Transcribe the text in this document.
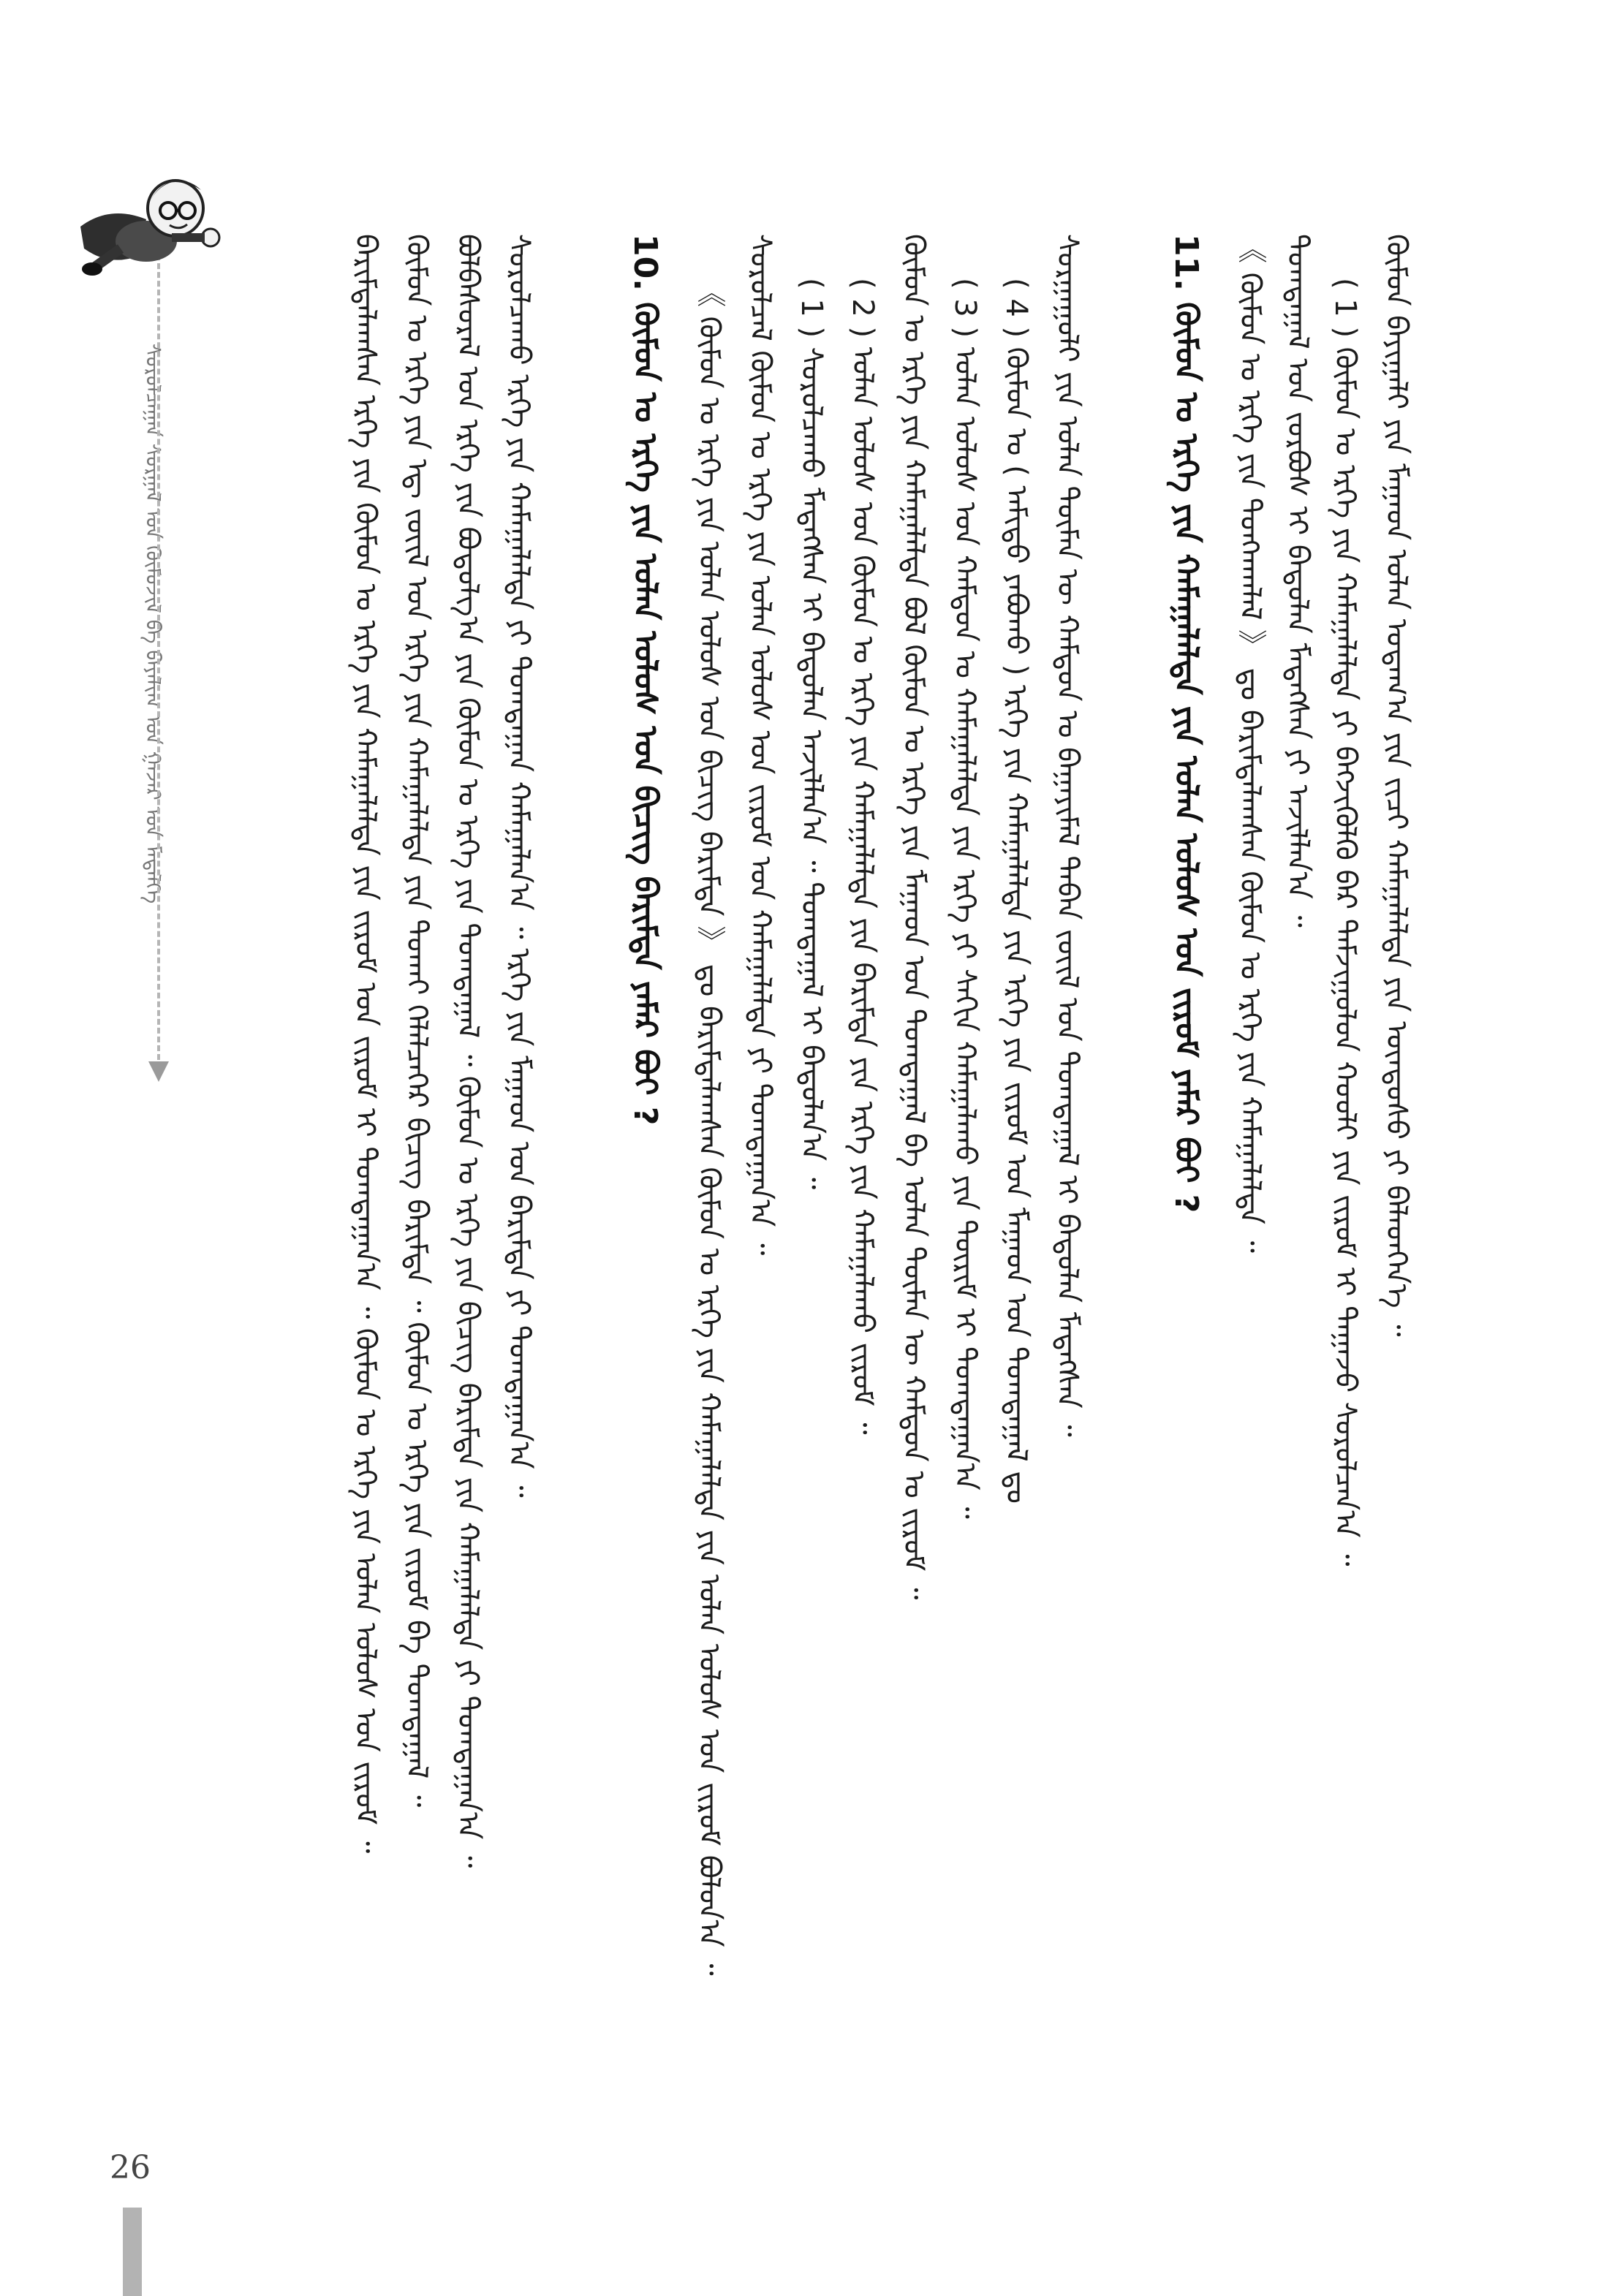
ᠬᠦᠮᠦᠨ ᠪᠠᠶᠢᠭᠠᠯᠢ ᠶᠢᠨ ᠮᠠᠭᠠᠳ ᠤᠯᠠᠨ ᠤᠳᠠᠭ᠎ᠠ ᠶᠢᠨ ᠵᠢᠴᠢ ᠬᠠᠮᠠᠭᠠᠯᠠᠯᠲᠠ ᠶᠢᠨ ᠦᠨᠳᠦᠰᠦ ᠶᠢ ᠪᠡᠯᠡᠳᠬᠡᠨ᠎ᠡ ᠃
( 1 ) ᠬᠦᠮᠦᠨ ᠤ ᠡᠷᠬᠡ ᠶᠢᠨ ᠬᠠᠮᠠᠭᠠᠯᠠᠯᠲᠠ ᠶᠢ ᠪᠡᠬᠵᠢᠭᠦᠯᠬᠦ ᠪᠡᠷ ᠳᠠᠮᠵᠢᠭᠤᠯᠤᠨ ᠬᠤᠤᠯᠢ ᠶᠢᠨ ᠵᠢᠷᠤᠮ ᠢ ᠳᠠᠭᠠᠵᠤ ᠰᠤᠷᠤᠯᠴᠠᠨ᠎ᠠ ᠃
ᠲᠣᠭᠲᠠᠭᠠᠯ ᠤᠨ ᠵᠤᠷᠪᠤᠰ ᠢ ᠪᠠᠲᠤᠯᠠᠨ ᠮᠡᠳᠡᠭᠰᠡᠨ ᠶᠢ ᠠᠵᠢᠯᠯᠠᠨ᠎ᠠ ᠃
《 ᠬᠦᠮᠦᠨ ᠤ ᠡᠷᠬᠡ ᠶᠢᠨ ᠲᠤᠩᠬᠠᠭᠯᠠᠯ 》 ᠳᠤ ᠪᠠᠷᠢᠮᠲᠠᠯᠠᠭᠰᠠᠨ ᠬᠦᠮᠦᠨ ᠤ ᠡᠷᠬᠡ ᠶᠢᠨ ᠬᠠᠮᠠᠭᠠᠯᠠᠯᠲᠠ ᠃
11. ᠬᠦᠮᠦᠨ ᠤ ᠡᠷᠬᠡ ᠶᠢᠨ ᠬᠠᠮᠠᠭᠠᠯᠠᠯᠲᠠ ᠶᠢᠨ ᠣᠯᠠᠨ ᠤᠯᠤᠰ ᠤᠨ ᠵᠢᠷᠤᠮ ᠶᠠᠮᠠᠷ ᠪᠤᠢ ?
ᠰᠤᠷᠭᠠᠭᠤᠯᠢ ᠶᠢᠨ ᠤᠯᠠᠨ ᠲᠦᠮᠡᠨ ᠦ ᠬᠠᠮᠲᠤᠨ ᠤ ᠪᠠᠭᠠᠶᠢᠮᠠᠯ ᠲᠠᠪᠠᠨ ᠵᠦᠢᠯ ᠤᠨ ᠲᠣᠭᠲᠠᠭᠠᠯ ᠢ ᠪᠠᠲᠤᠯᠠᠨ ᠮᠡᠳᠡᠭᠰᠡᠨ ᠃
( 4 ) ᠬᠦᠮᠦᠨ ᠤ ( ᠠᠮᠢᠳᠤ ᠶᠠᠪᠤᠬᠤ ) ᠡᠷᠬᠡ ᠶᠢᠨ ᠬᠠᠮᠠᠭᠠᠯᠠᠯᠲᠠ ᠶᠢᠨ ᠡᠷᠬᠡ ᠶᠢᠨ ᠵᠢᠷᠤᠮ ᠤᠨ ᠮᠠᠭᠠᠳ ᠤᠨ ᠲᠣᠭᠲᠠᠭᠠᠯ ᠳᠤ
( 3 ) ᠤᠯᠠᠨ ᠤᠯᠤᠰ ᠤᠨ ᠬᠠᠮᠲᠤᠨ ᠤ ᠬᠠᠮᠠᠭᠠᠯᠠᠯᠲᠠ ᠶᠢᠨ ᠡᠷᠬᠡ ᠶᠢ ᠰᠠᠬᠢᠨ ᠬᠠᠮᠠᠭᠠᠯᠠᠬᠤ ᠶᠢᠨ ᠳᠦᠷᠢᠮ ᠢ ᠲᠣᠭᠲᠠᠭᠠᠨ᠎ᠠ ᠃
ᠬᠦᠮᠦᠨ ᠤ ᠡᠷᠬᠡ ᠶᠢᠨ ᠬᠠᠮᠠᠭᠠᠯᠠᠯᠲᠠ ᠪᠣᠯ ᠬᠦᠮᠦᠨ ᠤ ᠡᠷᠬᠡ ᠶᠢᠨ ᠮᠠᠭᠠᠳ ᠤᠨ ᠲᠣᠭᠲᠠᠭᠠᠯ ᠪᠠ ᠤᠯᠠᠨ ᠲᠦᠮᠡᠨ ᠦ ᠬᠠᠮᠲᠤᠨ ᠤ ᠵᠢᠷᠤᠮ ᠃
( 2 ) ᠤᠯᠠᠨ ᠤᠯᠤᠰ ᠤᠨ ᠬᠦᠮᠦᠨ ᠤ ᠡᠷᠬᠡ ᠶᠢᠨ ᠬᠠᠮᠠᠭᠠᠯᠠᠯᠲᠠ ᠶᠢᠨ ᠪᠠᠷᠢᠮᠲᠠ ᠶᠢᠨ ᠡᠷᠬᠡ ᠶᠢᠨ ᠬᠠᠮᠠᠭᠠᠯᠠᠬᠤ ᠵᠢᠷᠤᠮ ᠃
( 1 ) ᠰᠤᠷᠤᠯᠴᠠᠬᠤ ᠮᠡᠳᠡᠭᠰᠡᠨ ᠢ ᠪᠠᠲᠤᠯᠠᠨ ᠠᠵᠢᠯᠯᠠᠨ᠎ᠠ ᠃ ᠲᠣᠭᠲᠠᠭᠠᠯ ᠢ ᠪᠠᠲᠤᠯᠠᠨ᠎ᠠ ᠃
ᠰᠤᠷᠤᠯᠴᠠᠯ ᠬᠦᠮᠦᠨ ᠤ ᠡᠷᠬᠡ ᠶᠢᠨ ᠤᠯᠠᠨ ᠤᠯᠤᠰ ᠤᠨ ᠵᠢᠷᠤᠮ ᠤᠨ ᠬᠠᠮᠠᠭᠠᠯᠠᠯᠲᠠ ᠶᠢ ᠲᠣᠭᠲᠠᠭᠠᠨ᠎ᠠ ᠃
《 ᠬᠦᠮᠦᠨ ᠤ ᠡᠷᠬᠡ ᠶᠢᠨ ᠤᠯᠠᠨ ᠤᠯᠤᠰ ᠤᠨ ᠪᠢᠴᠢᠭ ᠪᠠᠷᠢᠮᠲᠠ 》 ᠳᠤ ᠪᠠᠷᠢᠮᠲᠠᠯᠠᠭᠰᠠᠨ ᠬᠦᠮᠦᠨ ᠤ ᠡᠷᠬᠡ ᠶᠢᠨ ᠬᠠᠮᠠᠭᠠᠯᠠᠯᠲᠠ ᠶᠢᠨ ᠣᠯᠠᠨ ᠤᠯᠤᠰ ᠤᠨ ᠵᠢᠷᠤᠮ ᠪᠣᠯᠤᠨ᠎ᠠ ᠃
10. ᠬᠦᠮᠦᠨ ᠤ ᠡᠷᠬᠡ ᠶᠢᠨ ᠣᠯᠠᠨ ᠤᠯᠤᠰ ᠤᠨ ᠪᠢᠴᠢᠭ ᠪᠠᠷᠢᠮᠲᠠ ᠶᠠᠮᠠᠷ ᠪᠤᠢ ?
ᠰᠤᠷᠤᠯᠴᠠᠬᠤ ᠡᠷᠬᠡ ᠶᠢᠨ ᠬᠠᠮᠠᠭᠠᠯᠠᠯᠲᠠ ᠶᠢ ᠲᠣᠭᠲᠠᠭᠠᠨ ᠬᠠᠮᠠᠭᠠᠯᠠᠨ᠎ᠠ ᠃ ᠡᠷᠬᠡ ᠶᠢᠨ ᠮᠠᠭᠠᠳ ᠤᠨ ᠪᠠᠷᠢᠮᠲᠠ ᠶᠢ ᠲᠣᠭᠲᠠᠭᠠᠨ᠎ᠠ ᠃
ᠪᠣᠯᠪᠠᠰᠤᠷᠠᠯ ᠤᠨ ᠡᠷᠬᠡ ᠶᠢᠨ ᠪᠣᠳᠤᠯᠭ᠎ᠠ ᠶᠢᠨ ᠬᠦᠮᠦᠨ ᠤ ᠡᠷᠬᠡ ᠶᠢᠨ ᠲᠣᠭᠲᠠᠭᠠᠯ ᠃ ᠬᠦᠮᠦᠨ ᠤ ᠡᠷᠬᠡ ᠶᠢᠨ ᠪᠢᠴᠢᠭ ᠪᠠᠷᠢᠮᠲᠠ ᠶᠢᠨ ᠬᠠᠮᠠᠭᠠᠯᠠᠯᠲᠠ ᠶᠢ ᠲᠣᠭᠲᠠᠭᠠᠨ᠎ᠠ ᠃
ᠬᠦᠮᠦᠨ ᠤ ᠡᠷᠬᠡ ᠶᠢᠨ ᠡᠳ᠋ ᠵᠦᠢᠯ ᠤᠨ ᠡᠷᠬᠡ ᠶᠢᠨ ᠬᠠᠮᠠᠭᠠᠯᠠᠯᠲᠠ ᠶᠢᠨ ᠲᠤᠬᠠᠢ ᠬᠡᠯᠡᠯᠴᠡᠭᠡᠷ ᠪᠢᠴᠢᠭ ᠪᠠᠷᠢᠮᠲᠠ ᠃ ᠬᠦᠮᠦᠨ ᠤ ᠡᠷᠬᠡ ᠶᠢᠨ ᠵᠢᠷᠤᠮ ᠪᠠ ᠲᠣᠭᠲᠠᠭᠠᠯ ᠃
ᠪᠠᠷᠢᠮᠲᠠᠯᠠᠭᠰᠠᠨ ᠡᠷᠬᠡ ᠶᠢᠨ ᠬᠦᠮᠦᠨ ᠤ ᠡᠷᠬᠡ ᠶᠢᠨ ᠬᠠᠮᠠᠭᠠᠯᠠᠯᠲᠠ ᠶᠢᠨ ᠵᠢᠷᠤᠮ ᠤᠨ ᠵᠢᠷᠤᠮ ᠢ ᠲᠣᠭᠲᠠᠭᠠᠨ᠎ᠠ ᠃ ᠬᠦᠮᠦᠨ ᠤ ᠡᠷᠬᠡ ᠶᠢᠨ ᠤᠯᠠᠨ ᠤᠯᠤᠰ ᠤᠨ ᠵᠢᠷᠤᠮ ᠃
ᠰᠤᠷᠤᠯᠴᠠᠭᠠᠨ ᠰᠤᠷᠭᠠᠯ ᠤᠨ ᠬᠦᠮᠦᠵᠢᠯ ᠪᠠ ᠪᠠᠶᠠᠯᠢᠭ ᠤᠨ ᠭᠠᠵᠠᠷ ᠤᠨ ᠮᠡᠳᠡᠯᠭᠡ
26
